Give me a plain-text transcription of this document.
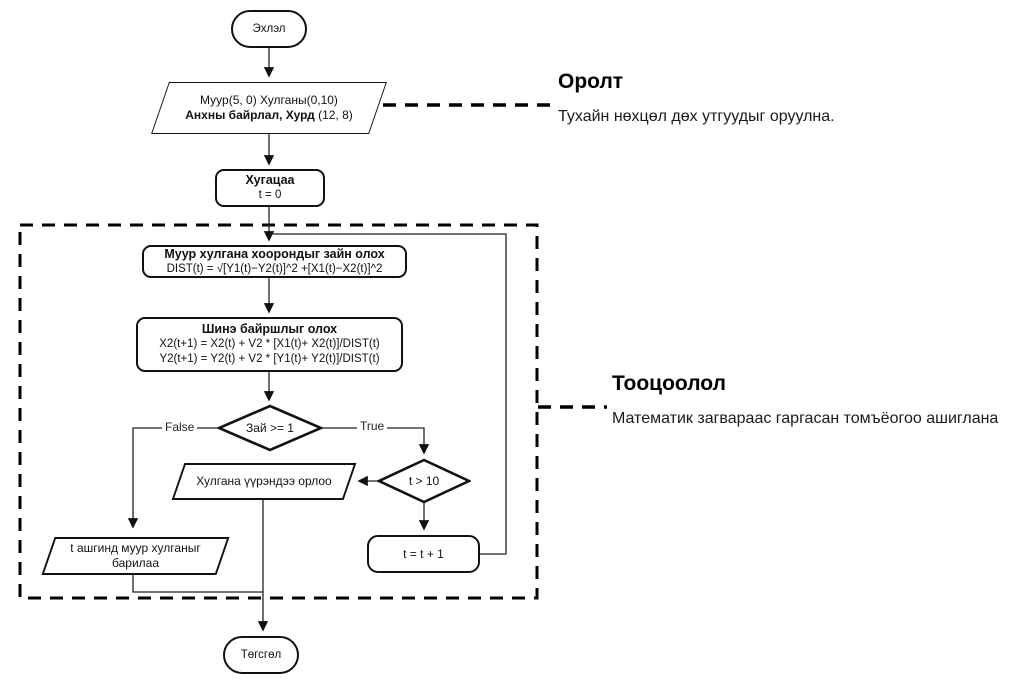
Эхлэл
Муур(5, 0) Хулганы(0,10)
Анхны байрлал, Хурд (12, 8)
Хугацаа
t = 0
Муур хулгана хоорондыг зайн олох
DIST(t) = √[Y1(t)−Y2(t)]^2 +[X1(t)−X2(t)]^2
Шинэ байршлыг олох
X2(t+1) = X2(t) + V2 * [X1(t)+ X2(t)]/DIST(t)
Y2(t+1) = Y2(t) + V2 * [Y1(t)+ Y2(t)]/DIST(t)
Зай >= 1
False	True
Хулгана үүрэндээ орлоо	t > 10
t ашгинд муур хулганыг
барилаа
t = t + 1
Төгсгөл
Оролт
Тухайн нөхцөл дөх утгуудыг оруулна.
Тооцоолол
Математик загвараас гаргасан томъёогоо ашиглана
